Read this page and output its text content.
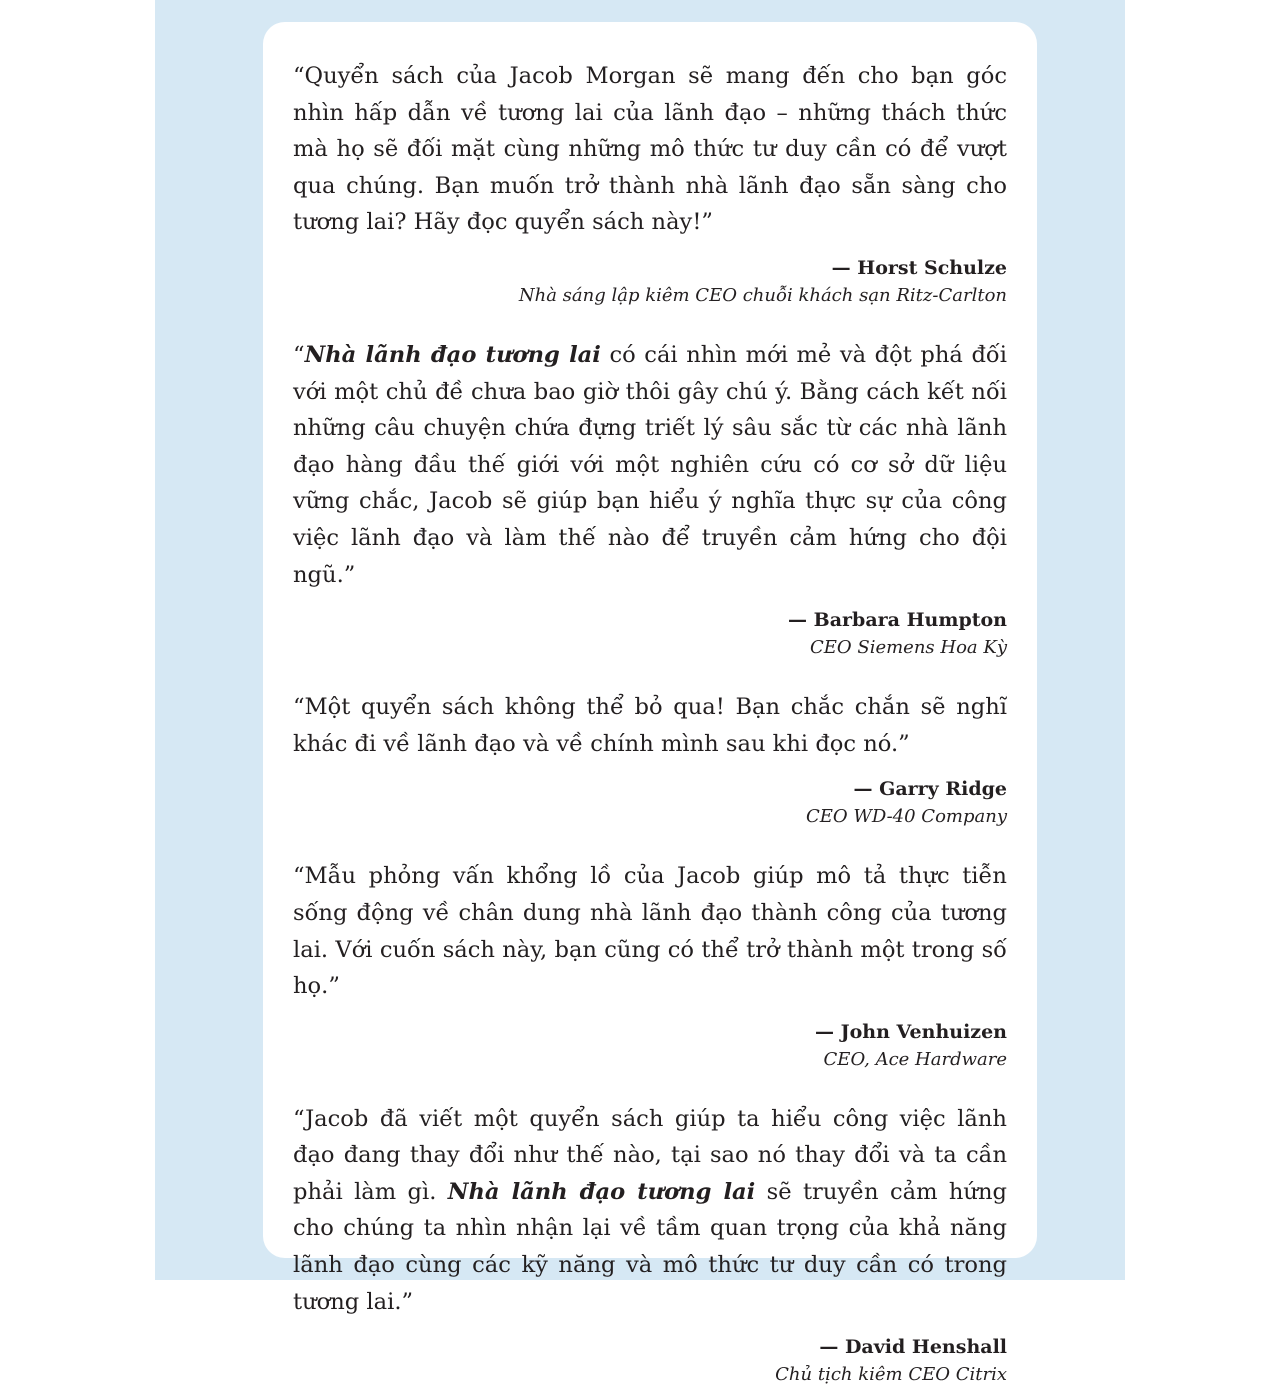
“Quyển sách của Jacob Morgan sẽ mang đến cho bạn góc nhìn hấp dẫn về tương lai của lãnh đạo – những thách thức mà họ sẽ đối mặt cùng những mô thức tư duy cần có để vượt qua chúng. Bạn muốn trở thành nhà lãnh đạo sẵn sàng cho tương lai? Hãy đọc quyển sách này!”

— Horst Schulze

Nhà sáng lập kiêm CEO chuỗi khách sạn Ritz-Carlton

“Nhà lãnh đạo tương lai có cái nhìn mới mẻ và đột phá đối với một chủ đề chưa bao giờ thôi gây chú ý. Bằng cách kết nối những câu chuyện chứa đựng triết lý sâu sắc từ các nhà lãnh đạo hàng đầu thế giới với một nghiên cứu có cơ sở dữ liệu vững chắc, Jacob sẽ giúp bạn hiểu ý nghĩa thực sự của công việc lãnh đạo và làm thế nào để truyền cảm hứng cho đội ngũ.”

— Barbara Humpton

CEO Siemens Hoa Kỳ

“Một quyển sách không thể bỏ qua! Bạn chắc chắn sẽ nghĩ khác đi về lãnh đạo và về chính mình sau khi đọc nó.”

— Garry Ridge

CEO WD-40 Company

“Mẫu phỏng vấn khổng lồ của Jacob giúp mô tả thực tiễn sống động về chân dung nhà lãnh đạo thành công của tương lai. Với cuốn sách này, bạn cũng có thể trở thành một trong số họ.”

— John Venhuizen

CEO, Ace Hardware

“Jacob đã viết một quyển sách giúp ta hiểu công việc lãnh đạo đang thay đổi như thế nào, tại sao nó thay đổi và ta cần phải làm gì. Nhà lãnh đạo tương lai sẽ truyền cảm hứng cho chúng ta nhìn nhận lại về tầm quan trọng của khả năng lãnh đạo cùng các kỹ năng và mô thức tư duy cần có trong tương lai.”

— David Henshall

Chủ tịch kiêm CEO Citrix
